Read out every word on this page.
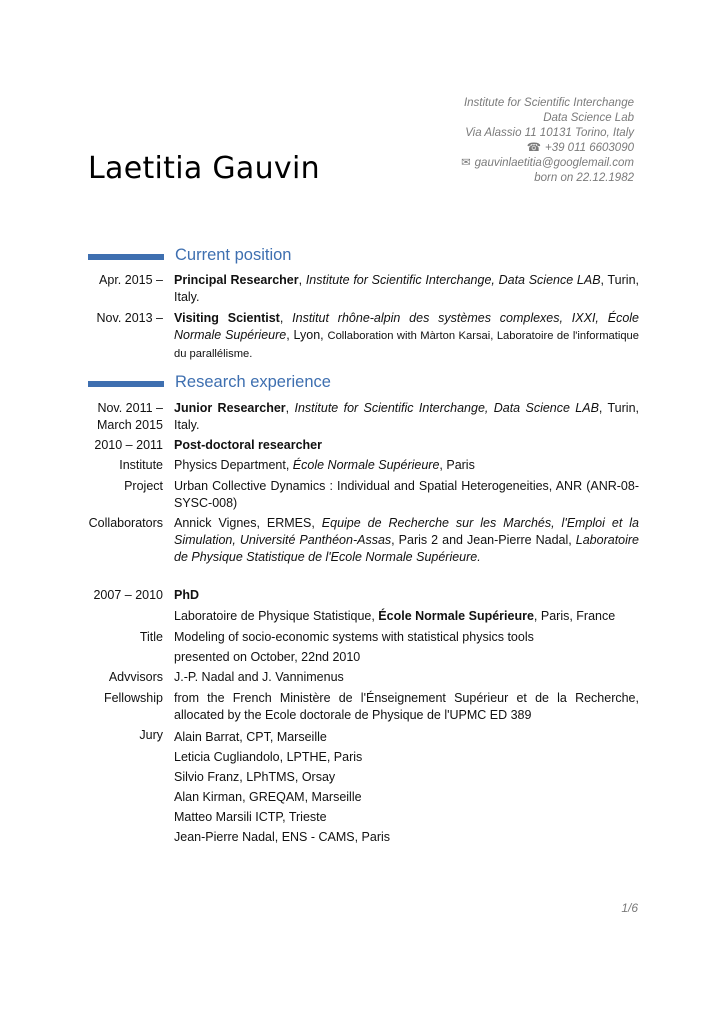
Institute for Scientific Interchange
Data Science Lab
Via Alassio 11 10131 Torino, Italy
☎ +39 011 6603090
✉ gauvinlaetitia@googlemail.com
born on 22.12.1982
Laetitia Gauvin
Current position
Apr. 2015 – Principal Researcher, Institute for Scientific Interchange, Data Science LAB, Turin, Italy.
Nov. 2013 – Visiting Scientist, Institut rhône-alpin des systèmes complexes, IXXI, École Normale Supérieure, Lyon, Collaboration with Màrton Karsai, Laboratoire de l'informatique du parallélisme.
Research experience
Nov. 2011 –
March 2015
Junior Researcher, Institute for Scientific Interchange, Data Science LAB, Turin, Italy.
2010 – 2011 Post-doctoral researcher
Institute Physics Department, École Normale Supérieure, Paris
Project Urban Collective Dynamics : Individual and Spatial Heterogeneities, ANR (ANR-08-SYSC-008)
Collaborators Annick Vignes, ERMES, Equipe de Recherche sur les Marchés, l'Emploi et la Simulation, Université Panthéon-Assas, Paris 2 and Jean-Pierre Nadal, Laboratoire de Physique Statistique de l'Ecole Normale Supérieure.
2007 – 2010 PhD
Laboratoire de Physique Statistique, École Normale Supérieure, Paris, France
Title Modeling of socio-economic systems with statistical physics tools
presented on October, 22nd 2010
Advvisors J.-P. Nadal and J. Vannimenus
Fellowship from the French Ministère de l'Énseignement Supérieur et de la Recherche, allocated by the Ecole doctorale de Physique de l'UPMC ED 389
Jury Alain Barrat, CPT, Marseille
Leticia Cugliandolo, LPTHE, Paris
Silvio Franz, LPhTMS, Orsay
Alan Kirman, GREQAM, Marseille
Matteo Marsili ICTP, Trieste
Jean-Pierre Nadal, ENS - CAMS, Paris
1/6
